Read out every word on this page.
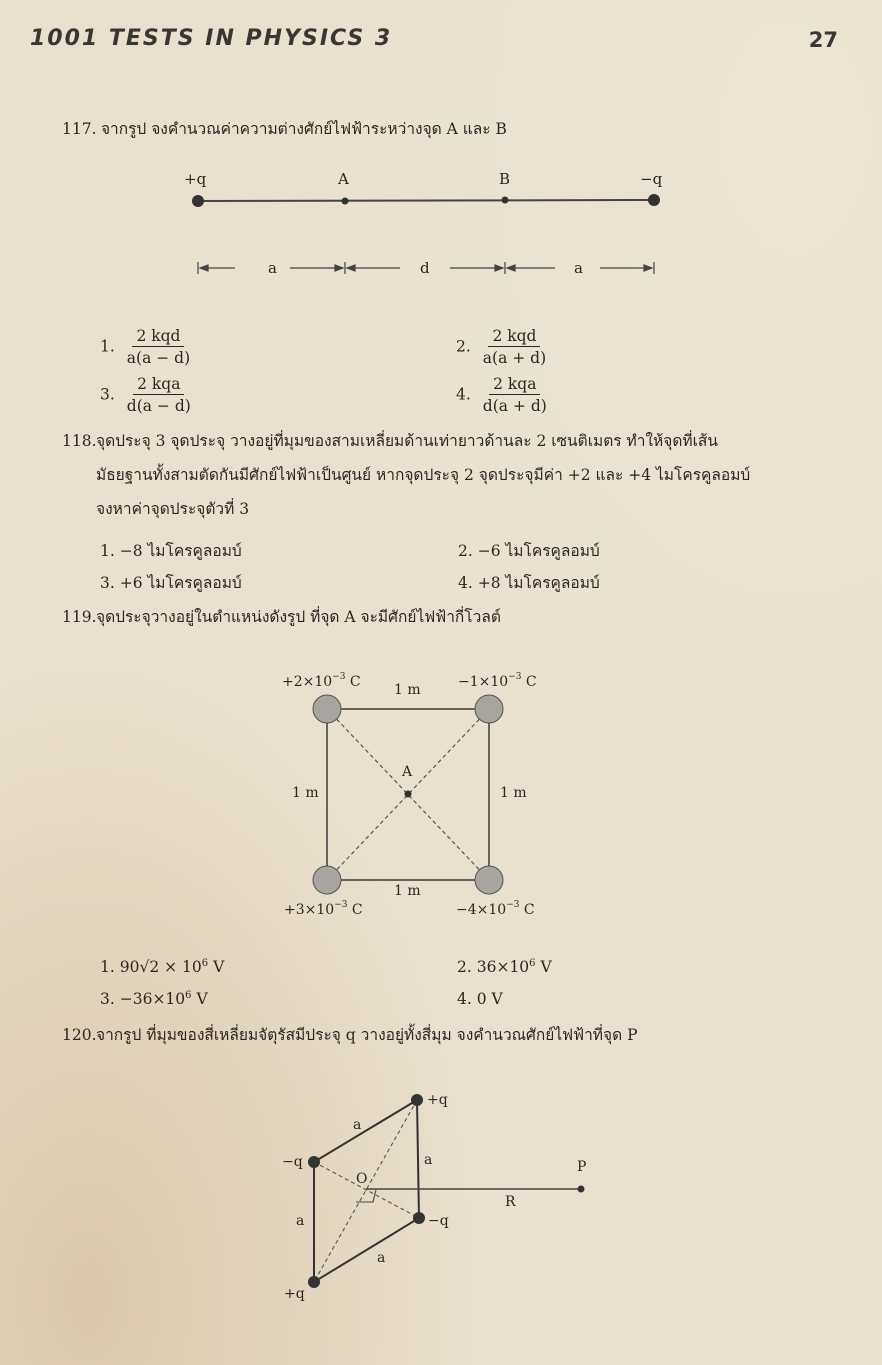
1001 TESTS IN PHYSICS 3	27
117. จากรูป จงคำนวณค่าความต่างศักย์ไฟฟ้าระหว่างจุด A และ B
+q	A	B	−q
a	d	a
1. $\frac{\text{2 kqd}}{a(a - d)}$	2. $\frac{\text{2 kqd}}{a(a + d)}$
3. $\frac{\text{2 kqa}}{d(a - d)}$	4. $\frac{\text{2 kqa}}{d(a + d)}$
118.จุดประจุ 3 จุดประจุ วางอยู่ที่มุมของสามเหลี่ยมด้านเท่ายาวด้านละ 2 เซนติเมตร ทำให้จุดที่เส้น
มัธยฐานทั้งสามตัดกันมีศักย์ไฟฟ้าเป็นศูนย์ หากจุดประจุ 2 จุดประจุมีค่า +2 และ +4 ไมโครคูลอมบ์
จงหาค่าจุดประจุตัวที่ 3
1. −8 ไมโครคูลอมบ์	2. −6 ไมโครคูลอมบ์
3. +6 ไมโครคูลอมบ์	4. +8 ไมโครคูลอมบ์
119.จุดประจุวางอยู่ในตำแหน่งดังรูป ที่จุด A จะมีศักย์ไฟฟ้ากี่โวลต์
A
$+2\times 10^{-3}$ C	$-1\times 10^{-3}$ C
$+3\times 10^{-3}$ C	$-4\times 10^{-3}$ C
1 m
1 m
1 m	1 m
1. $90√2 \times 10^6$ V	2. $36\times 10^6$ V
3. $-36\times 10^6$ V	4. 0 V
120.จากรูป ที่มุมของสี่เหลี่ยมจัตุรัสมีประจุ q วางอยู่ทั้งสี่มุม จงคำนวณศักย์ไฟฟ้าที่จุด P
+q
−q
−q
+q
a
a
a
a
O
R
P
